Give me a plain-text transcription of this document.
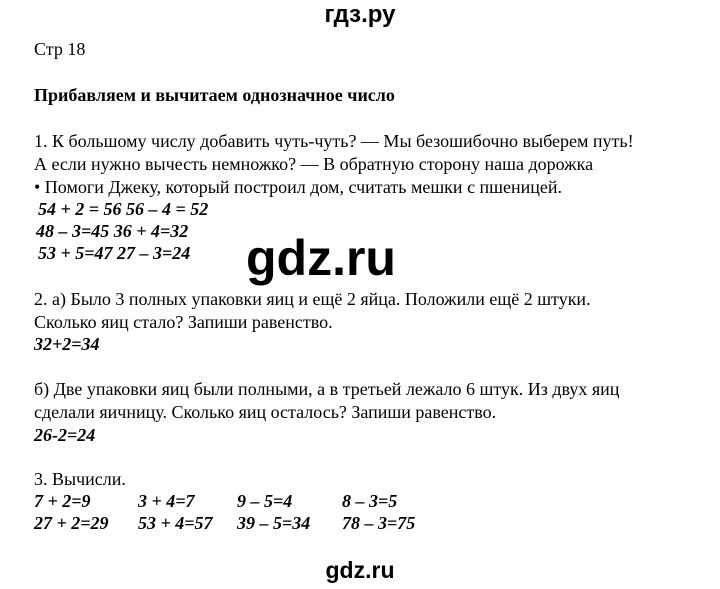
гдз.ру
Стр 18
Прибавляем и вычитаем однозначное число
1. К большому числу добавить чуть-чуть? — Мы безошибочно выберем путь!
А если нужно вычесть немножко? — В обратную сторону наша дорожка
• Помоги Джеку, который построил дом, считать мешки с пшеницей.
54 + 2 = 56 56 – 4 = 52
48 – 3=45 36 + 4=32
53 + 5=47 27 – 3=24 gdz.ru
2. а) Было 3 полных упаковки яиц и ещё 2 яйца. Положили ещё 2 штуки.
Сколько яиц стало? Запиши равенство.
32+2=34
б) Две упаковки яиц были полными, а в третьей лежало 6 штук. Из двух яиц
сделали яичницу. Сколько яиц осталось? Запиши равенство.
26-2=24
3. Вычисли.
7 + 2=9	3 + 4=7 9 – 5=4	8 – 3=5
27 + 2=29 53 + 4=57 39 – 5=34 78 – 3=75
gdz.ru
